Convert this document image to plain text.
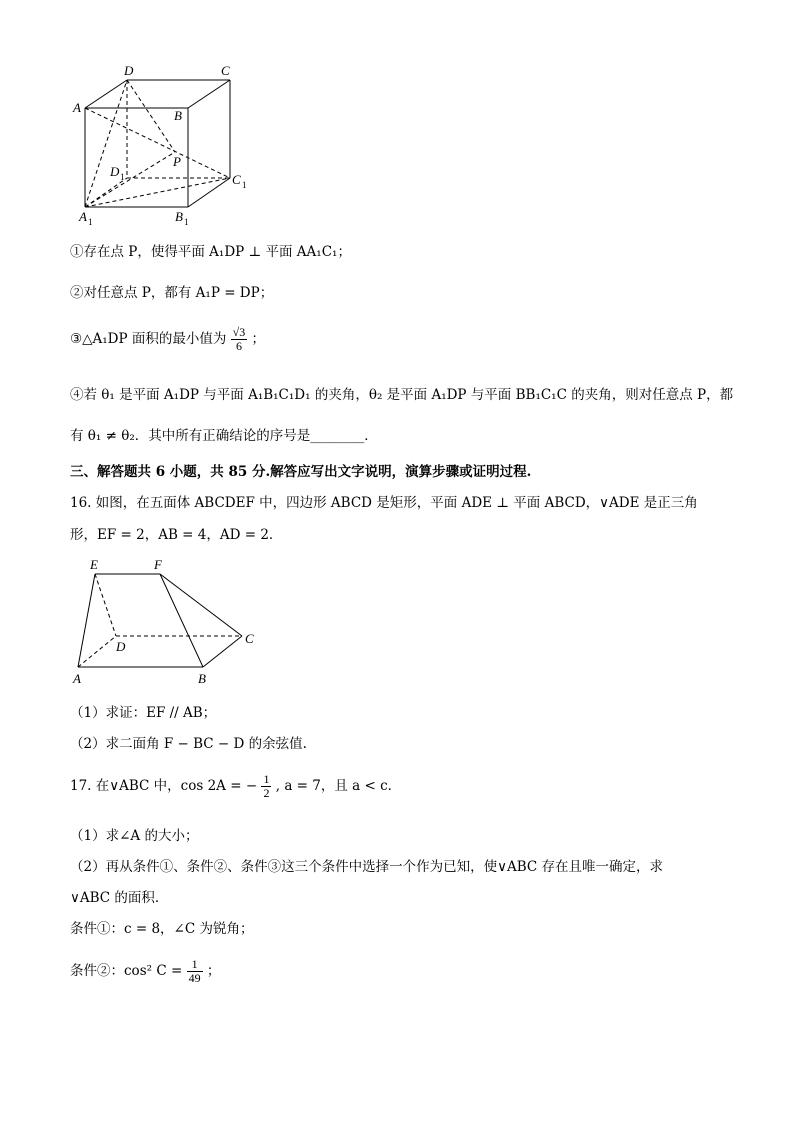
D	C
A
B
P
D 1	C 1
A 1	B 1
①存在点 P，使得平面 A₁DP ⊥ 平面 AA₁C₁；
②对任意点 P，都有 A₁P = DP；
③△A₁DP 面积的最小值为 $\frac{√3}{6}$ ；
④若 θ₁ 是平面 A₁DP 与平面 A₁B₁C₁D₁ 的夹角，θ₂ 是平面 A₁DP 与平面 BB₁C₁C 的夹角，则对任意点 P，都
有 θ₁ ≠ θ₂．其中所有正确结论的序号是________．
三、解答题共 6 小题，共 85 分.解答应写出文字说明，演算步骤或证明过程.
16. 如图，在五面体 ABCDEF 中，四边形 ABCD 是矩形，平面 ADE ⊥ 平面 ABCD，∨ADE 是正三角
形，EF = 2，AB = 4，AD = 2．
E	F
D
C
A	B
（1）求证：EF // AB；
（2）求二面角 F − BC − D 的余弦值.
17. 在∨ABC 中，cos 2A = − $\frac{1}{2}$ , a = 7，且 a < c．
（1）求∠A 的大小；
（2）再从条件①、条件②、条件③这三个条件中选择一个作为已知，使∨ABC 存在且唯一确定，求
∨ABC 的面积．
条件①：c = 8，∠C 为锐角；
条件②：cos² $C = \frac{1}{49}$ ；
